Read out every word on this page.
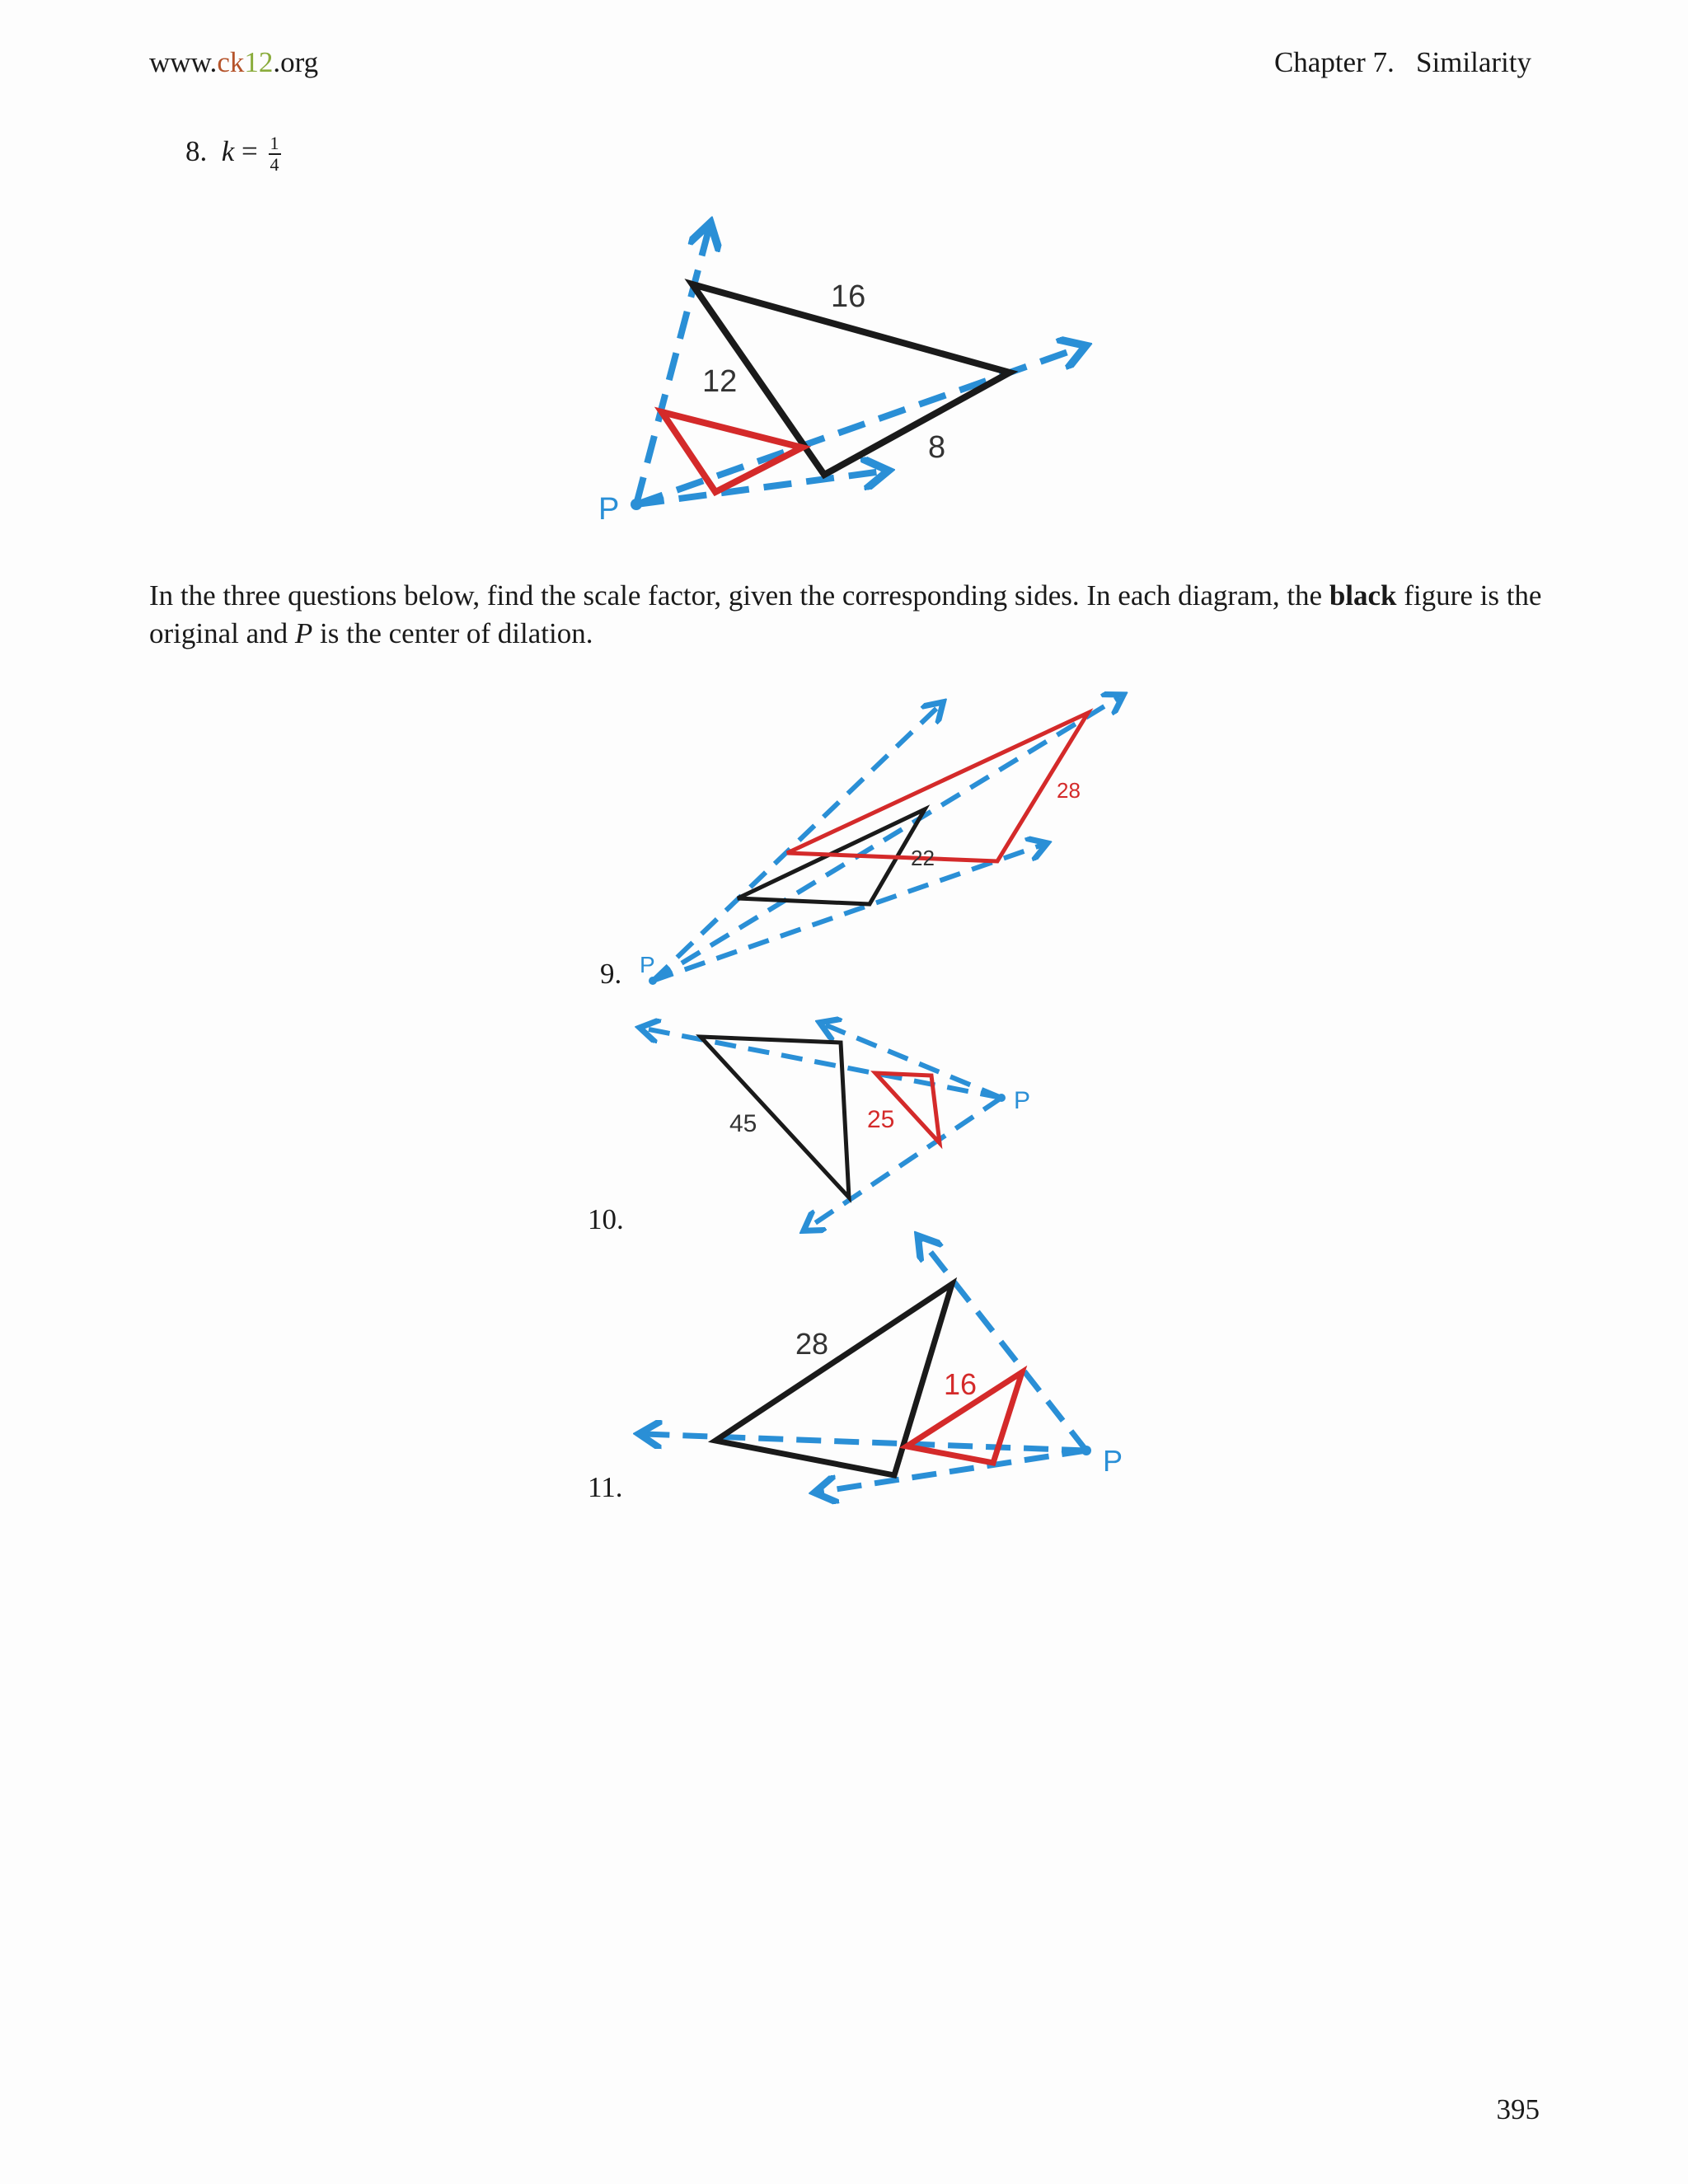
www.ck12.org	Chapter 7.   Similarity
8. $k = \frac{1}{4}$
16
12
8
P
In the three questions below, find the scale factor, given the corresponding sides. In each diagram, the black figure is the original and P is the center of dilation.
9.
28
22
P
10.
45	25
P
11.
28
16
P
395
